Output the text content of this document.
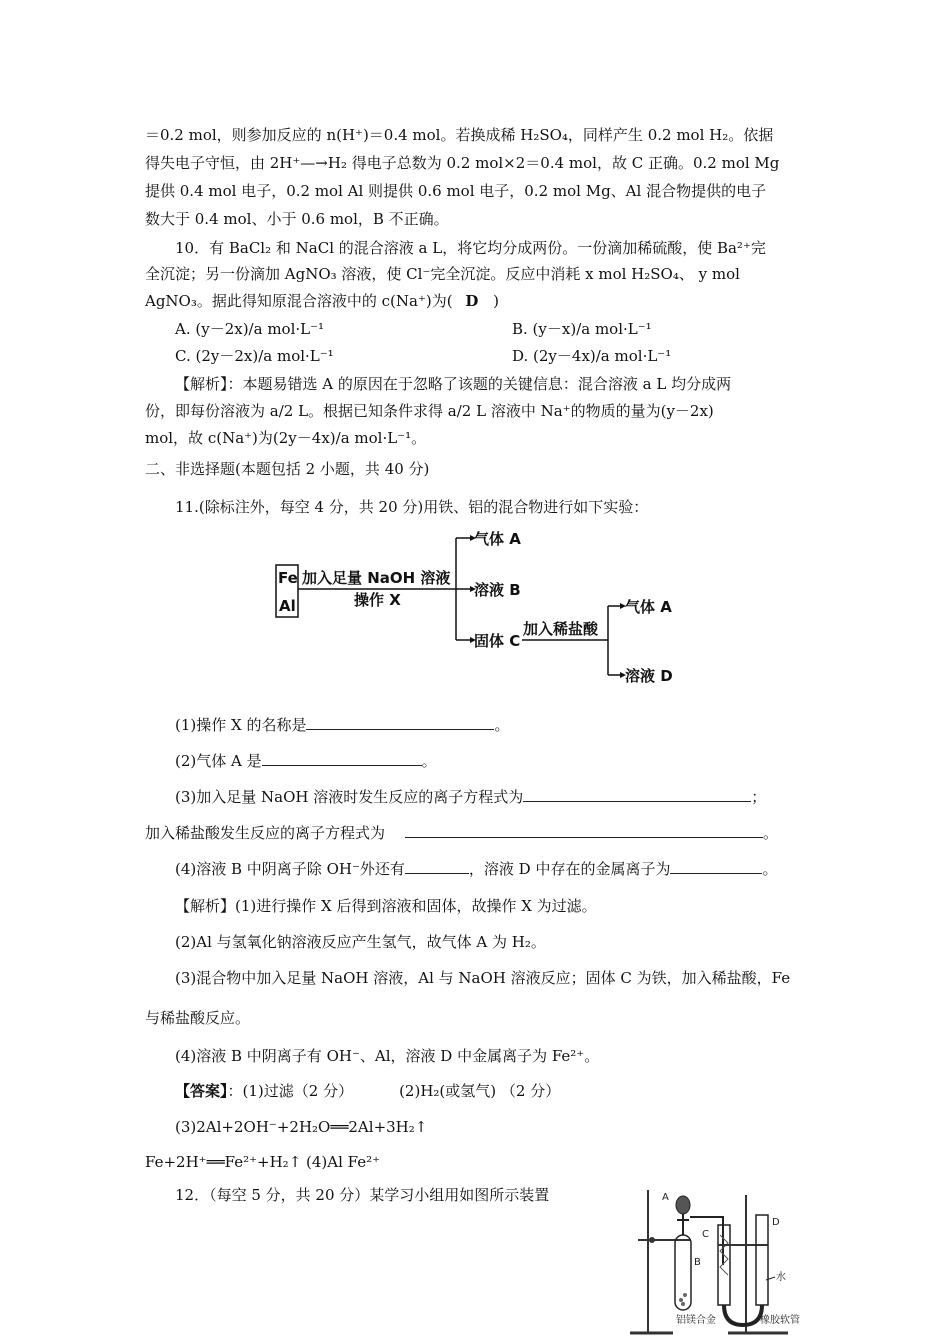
＝0.2 mol，则参加反应的 n(H⁺)＝0.4 mol。若换成稀 H₂SO₄，同样产生 0.2 mol H₂。依据
得失电子守恒，由 2H⁺—→H₂ 得电子总数为 0.2 mol×2＝0.4 mol，故 C 正确。0.2 mol Mg
提供 0.4 mol 电子，0.2 mol Al 则提供 0.6 mol 电子，0.2 mol Mg、Al 混合物提供的电子
数大于 0.4 mol、小于 0.6 mol，B 不正确。
10．有 BaCl₂ 和 NaCl 的混合溶液 a L，将它均分成两份。一份滴加稀硫酸，使 Ba²⁺完
全沉淀；另一份滴加 AgNO₃ 溶液，使 Cl⁻完全沉淀。反应中消耗 x mol H₂SO₄、 y mol
AgNO₃。据此得知原混合溶液中的 c(Na⁺)为( D )
A. (y－2x)/a mol·L⁻¹	B. (y－x)/a mol·L⁻¹
C. (2y－2x)/a mol·L⁻¹	D. (2y－4x)/a mol·L⁻¹
【解析】：本题易错选 A 的原因在于忽略了该题的关键信息：混合溶液 a L 均分成两
份，即每份溶液为 a/2 L。根据已知条件求得 a/2 L 溶液中 Na⁺的物质的量为(y－2x)
mol，故 c(Na⁺)为(2y－4x)/a mol·L⁻¹。
二、非选择题(本题包括 2 小题，共 40 分)
11.(除标注外，每空 4 分，共 20 分)用铁、铝的混合物进行如下实验：
Fe
Al
加入足量 NaOH 溶液
操作 X
气体 A
溶液 B
固体 C
加入稀盐酸
气体 A
溶液 D
(1)操作 X 的名称是	。
(2)气体 A 是	。
(3)加入足量 NaOH 溶液时发生反应的离子方程式为	；
加入稀盐酸发生反应的离子方程式为	。
(4)溶液 B 中阴离子除 OH⁻外还有	，溶液 D 中存在的金属离子为	。
【解析】(1)进行操作 X 后得到溶液和固体，故操作 X 为过滤。
(2)Al 与氢氧化钠溶液反应产生氢气，故气体 A 为 H₂。
(3)混合物中加入足量 NaOH 溶液，Al 与 NaOH 溶液反应；固体 C 为铁，加入稀盐酸，Fe
与稀盐酸反应。
(4)溶液 B 中阴离子有 OH⁻、Al，溶液 D 中金属离子为 Fe²⁺。
【答案】：(1)过滤（2 分）	(2)H₂(或氢气) （2 分）
(3)2Al+2OH⁻+2H₂O══2Al+3H₂↑
Fe+2H⁺══Fe²⁺+H₂↑ (4)Al Fe²⁺
12．（每空 5 分，共 20 分）某学习小组用如图所示装置	A
B
铝镁合金
C
D
水
橡胶软管
